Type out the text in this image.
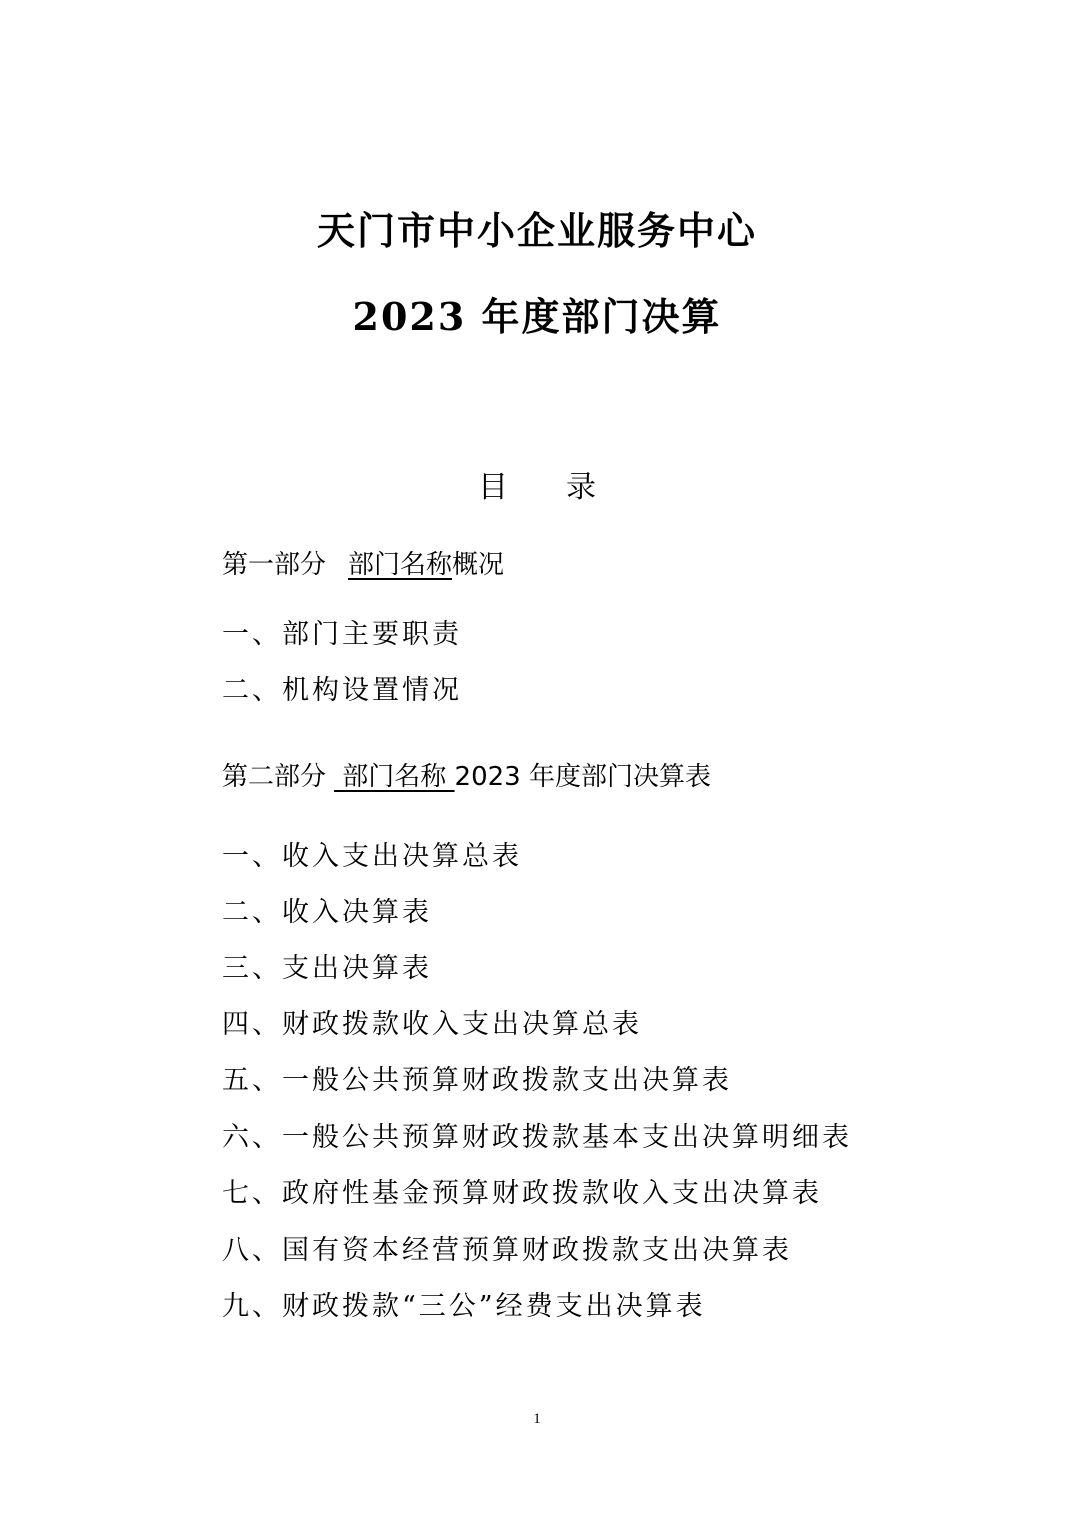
天门市中小企业服务中心
2023 年度部门决算
目 录
第一部分 部门名称概况
一、部门主要职责
二、机构设置情况
第二部分 部门名称 2023 年度部门决算表
一、收入支出决算总表
二、收入决算表
三、支出决算表
四、财政拨款收入支出决算总表
五、一般公共预算财政拨款支出决算表
六、一般公共预算财政拨款基本支出决算明细表
七、政府性基金预算财政拨款收入支出决算表
八、国有资本经营预算财政拨款支出决算表
九、财政拨款“三公”经费支出决算表
1
